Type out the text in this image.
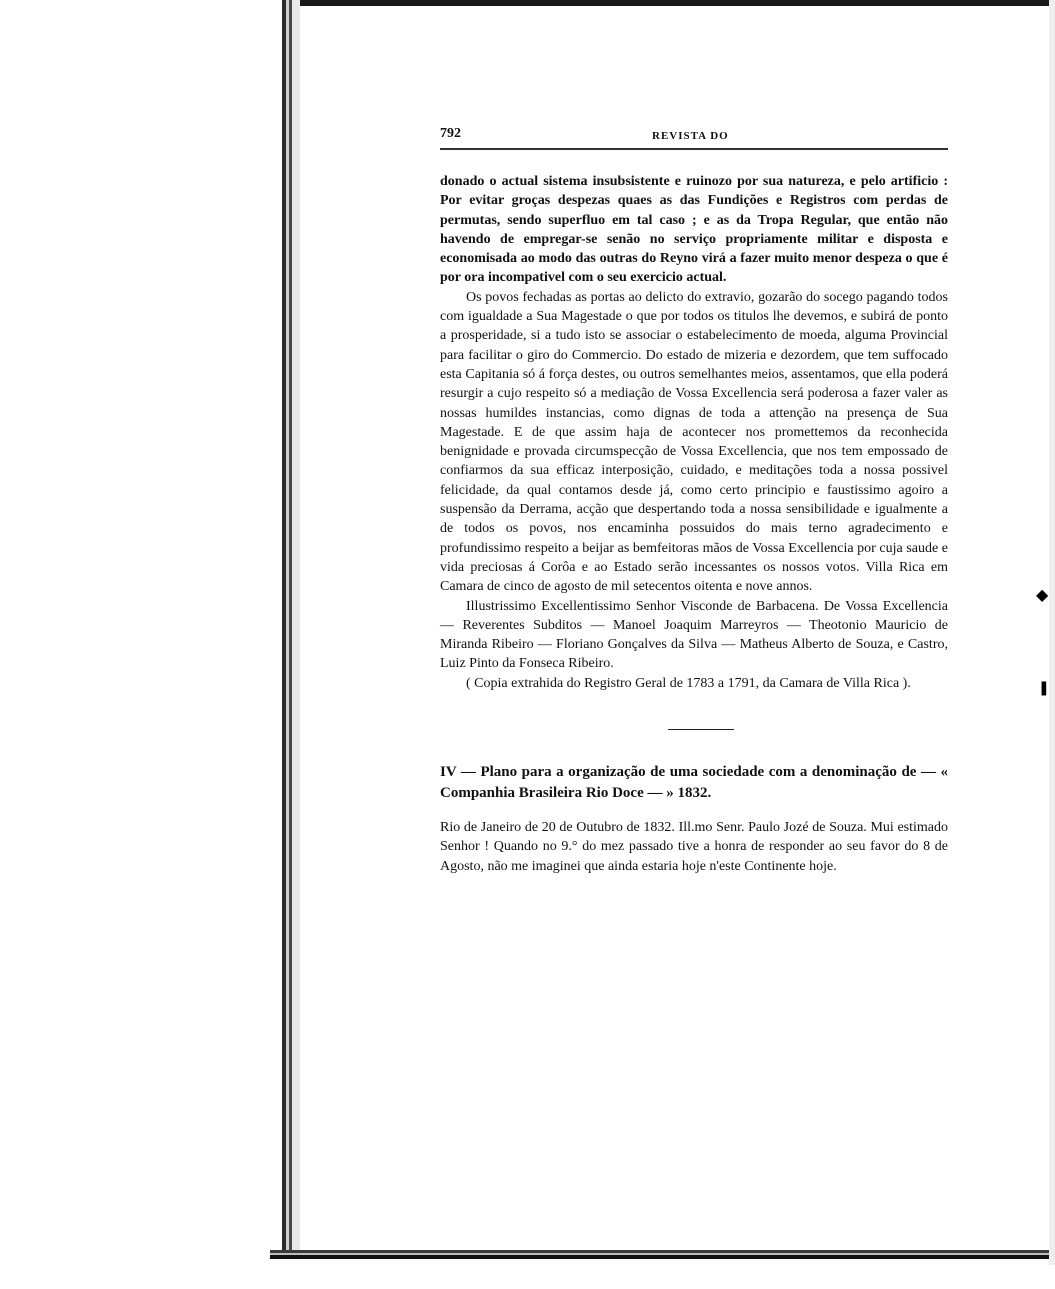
◆
❚
792	REVISTA DO

donado o actual sistema insubsistente e ruinozo por sua natureza, e pelo artificio : Por evitar groças despezas quaes as das Fundições e Registros com perdas de permutas, sendo superfluo em tal caso ; e as da Tropa Regular, que então não havendo de empregar-se senão no serviço propriamente militar e disposta e economisada ao modo das outras do Reyno virá a fazer muito menor despeza o que é por ora incompativel com o seu exercicio actual.

Os povos fechadas as portas ao delicto do extravio, gozarão do socego pagando todos com igualdade a Sua Magestade o que por todos os titulos lhe devemos, e subirá de ponto a prosperidade, si a tudo isto se associar o estabelecimento de moeda, alguma Provincial para facilitar o giro do Commercio. Do estado de mizeria e dezordem, que tem suffocado esta Capitania só á força destes, ou outros semelhantes meios, assentamos, que ella poderá resurgir a cujo respeito só a mediação de Vossa Excellencia será poderosa a fazer valer as nossas humildes instancias, como dignas de toda a attenção na presença de Sua Magestade. E de que assim haja de acontecer nos promettemos da reconhecida benignidade e provada circumspecção de Vossa Excellencia, que nos tem empossado de confiarmos da sua efficaz interposição, cuidado, e meditações toda a nossa possivel felicidade, da qual contamos desde já, como certo principio e faustissimo agoiro a suspensão da Derrama, acção que despertando toda a nossa sensibilidade e igualmente a de todos os povos, nos encaminha possuidos do mais terno agradecimento e profundissimo respeito a beijar as bemfeitoras mãos de Vossa Excellencia por cuja saude e vida preciosas á Corôa e ao Estado serão incessantes os nossos votos. Villa Rica em Camara de cinco de agosto de mil setecentos oitenta e nove annos.

Illustrissimo Excellentissimo Senhor Visconde de Barbacena. De Vossa Excellencia — Reverentes Subditos — Manoel Joaquim Marreyros — Theotonio Mauricio de Miranda Ribeiro — Floriano Gonçalves da Silva — Matheus Alberto de Souza, e Castro, Luiz Pinto da Fonseca Ribeiro.

( Copia extrahida do Registro Geral de 1783 a 1791, da Camara de Villa Rica ).

IV — Plano para a organização de uma sociedade com a denominação de — « Companhia Brasileira Rio Doce — » 1832.

Rio de Janeiro de 20 de Outubro de 1832. Ill.mo Senr. Paulo Jozé de Souza. Mui estimado Senhor ! Quando no 9.° do mez passado tive a honra de responder ao seu favor do 8 de Agosto, não me imaginei que ainda estaria hoje n'este Continente hoje.
